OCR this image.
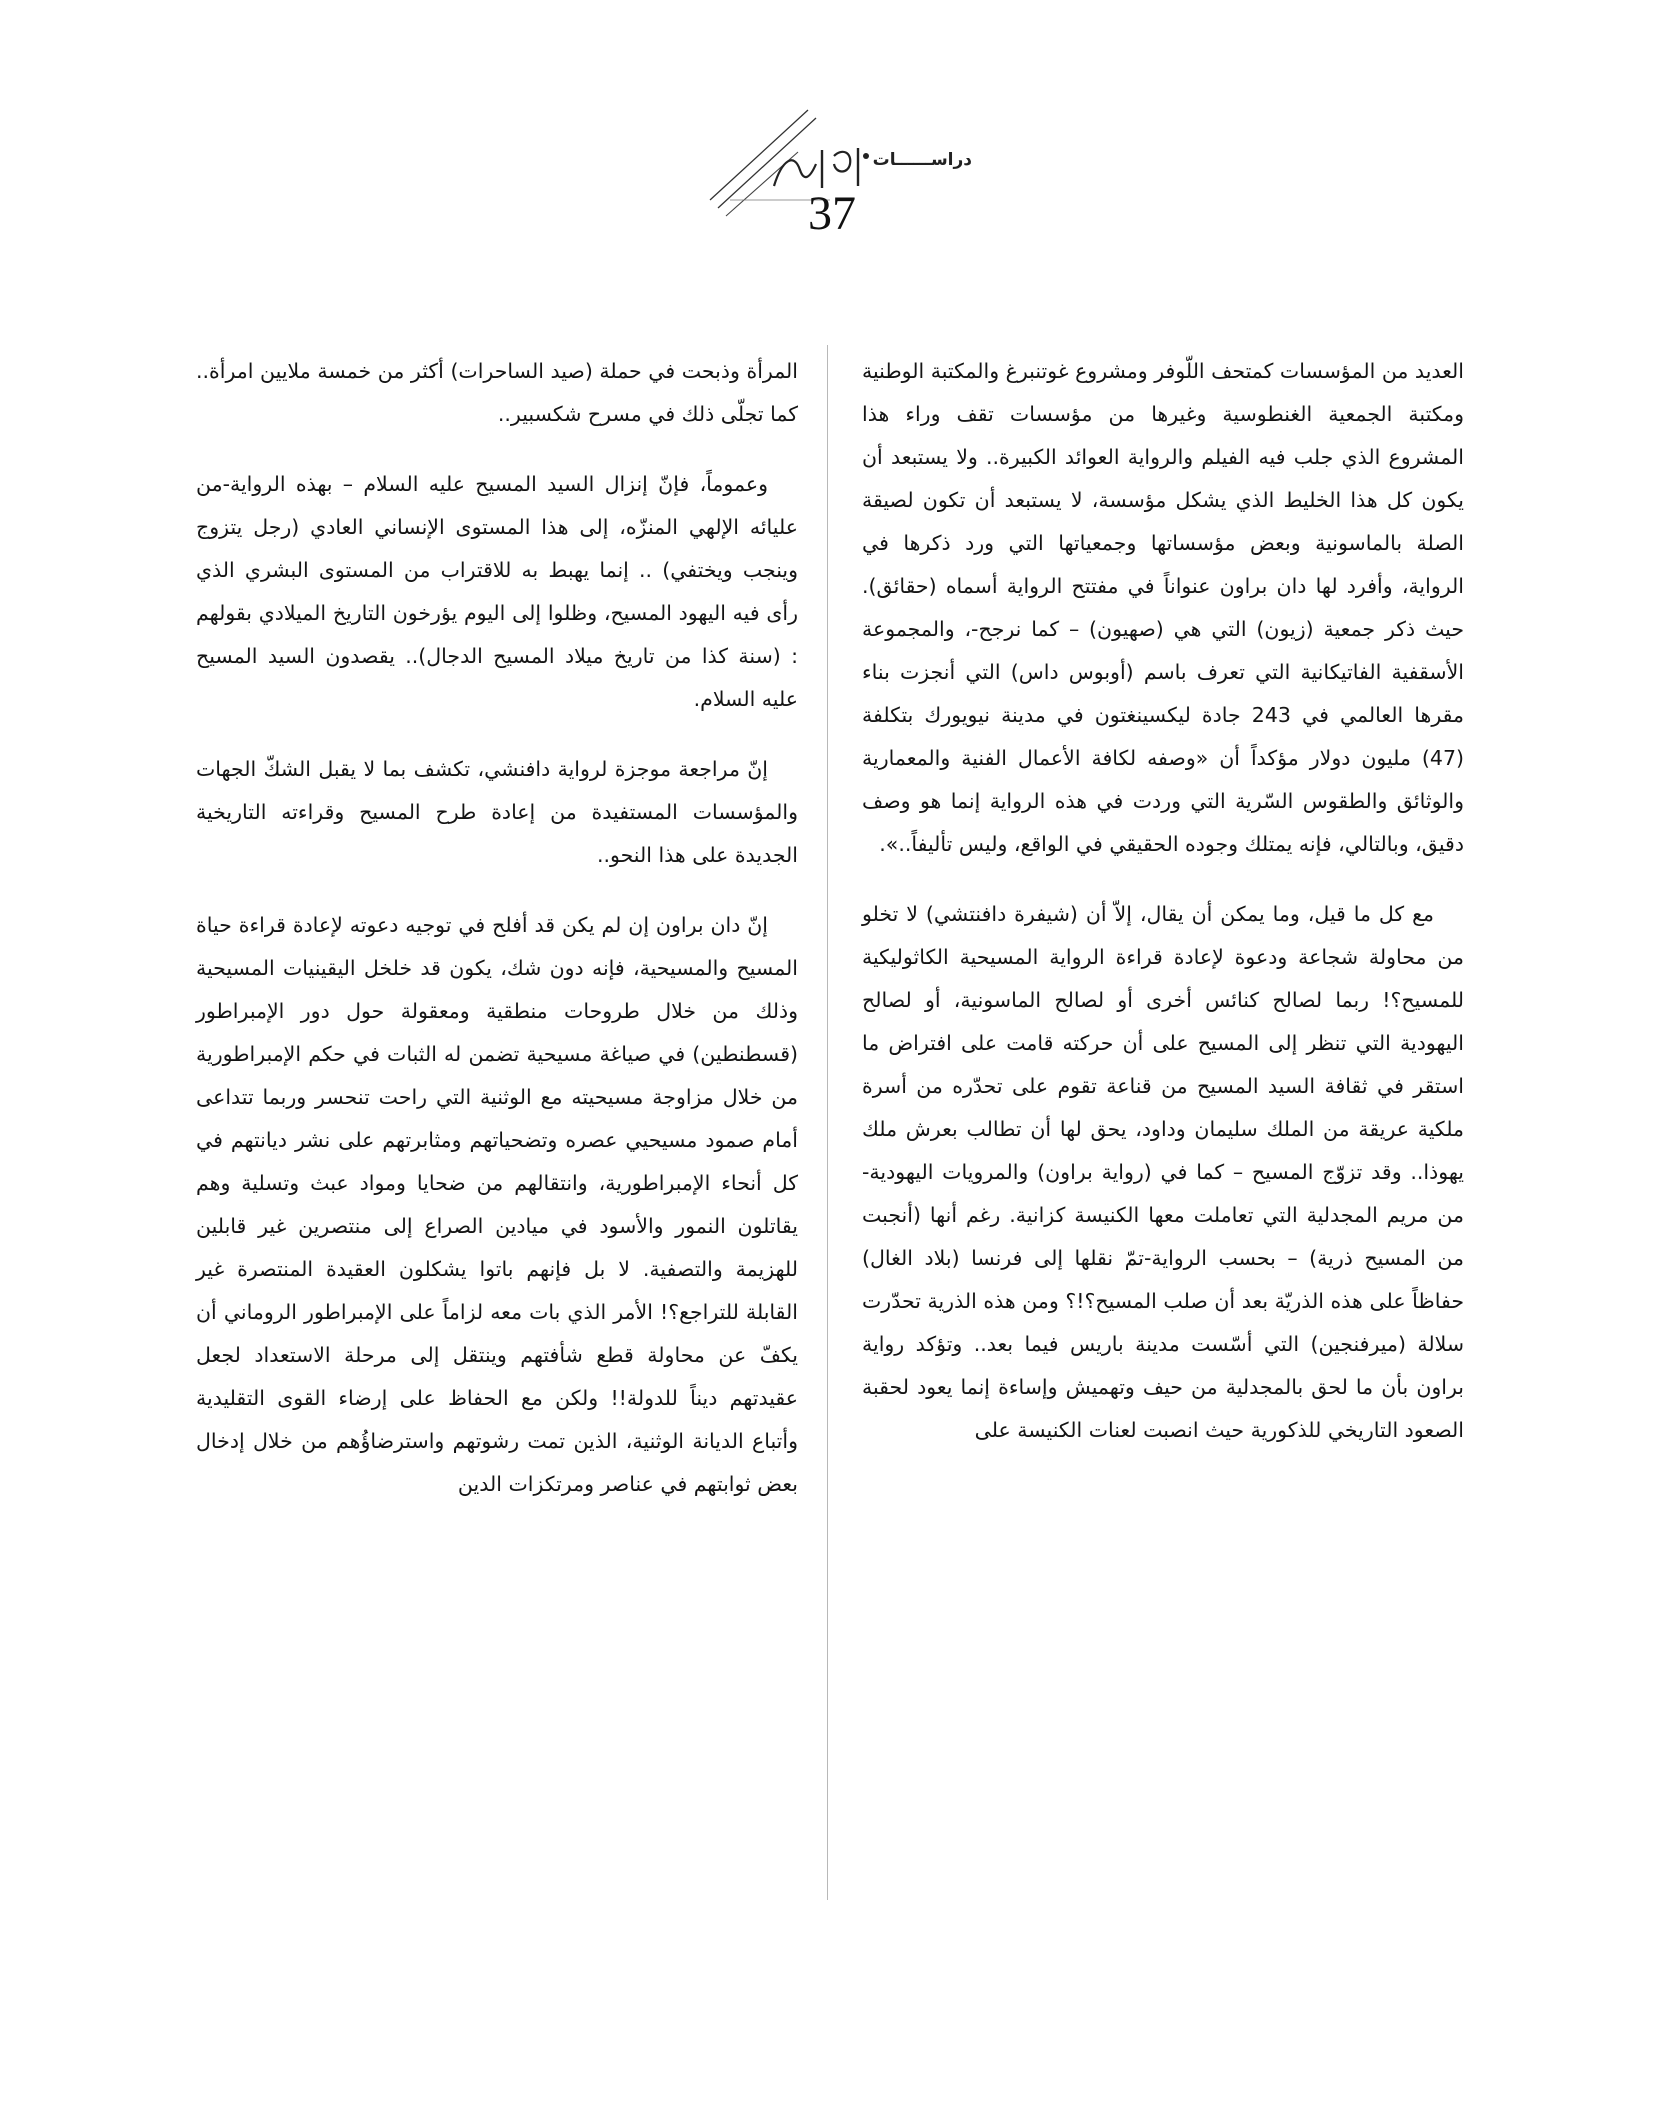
دراســــــات
37

العديد من المؤسسات كمتحف اللّوفر ومشروع غوتنبرغ والمكتبة الوطنية ومكتبة الجمعية الغنطوسية وغيرها من مؤسسات تقف وراء هذا المشروع الذي جلب فيه الفيلم والرواية العوائد الكبيرة.. ولا يستبعد أن يكون كل هذا الخليط الذي يشكل مؤسسة، لا يستبعد أن تكون لصيقة الصلة بالماسونية وبعض مؤسساتها وجمعياتها التي ورد ذكرها في الرواية، وأفرد لها دان براون عنواناً في مفتتح الرواية أسماه (حقائق). حيث ذكر جمعية (زيون) التي هي (صهيون) – كما نرجح-، والمجموعة الأسقفية الفاتيكانية التي تعرف باسم (أوبوس داس) التي أنجزت بناء مقرها العالمي في 243 جادة ليكسينغتون في مدينة نيويورك بتكلفة (47) مليون دولار مؤكداً أن «وصفه لكافة الأعمال الفنية والمعمارية والوثائق والطقوس السّرية التي وردت في هذه الرواية إنما هو وصف دقيق، وبالتالي، فإنه يمتلك وجوده الحقيقي في الواقع، وليس تأليفاً..».

مع كل ما قيل، وما يمكن أن يقال، إلاّ أن (شيفرة دافنتشي) لا تخلو من محاولة شجاعة ودعوة لإعادة قراءة الرواية المسيحية الكاثوليكية للمسيح؟! ربما لصالح كنائس أخرى أو لصالح الماسونية، أو لصالح اليهودية التي تنظر إلى المسيح على أن حركته قامت على افتراض ما استقر في ثقافة السيد المسيح من قناعة تقوم على تحدّره من أسرة ملكية عريقة من الملك سليمان وداود، يحق لها أن تطالب بعرش ملك يهوذا.. وقد تزوّج المسيح – كما في (رواية براون) والمرويات اليهودية- من مريم المجدلية التي تعاملت معها الكنيسة كزانية. رغم أنها (أنجبت من المسيح ذرية) – بحسب الرواية-تمّ نقلها إلى فرنسا (بلاد الغال) حفاظاً على هذه الذريّة بعد أن صلب المسيح؟!؟ ومن هذه الذرية تحدّرت سلالة (ميرفنجين) التي أسّست مدينة باريس فيما بعد.. وتؤكد رواية براون بأن ما لحق بالمجدلية من حيف وتهميش وإساءة إنما يعود لحقبة الصعود التاريخي للذكورية حيث انصبت لعنات الكنيسة على

المرأة وذبحت في حملة (صيد الساحرات) أكثر من خمسة ملايين امرأة.. كما تجلّى ذلك في مسرح شكسبير..

وعموماً، فإنّ إنزال السيد المسيح عليه السلام – بهذه الرواية-من عليائه الإلهي المنزّه، إلى هذا المستوى الإنساني العادي (رجل يتزوج وينجب ويختفي) .. إنما يهبط به للاقتراب من المستوى البشري الذي رأى فيه اليهود المسيح، وظلوا إلى اليوم يؤرخون التاريخ الميلادي بقولهم : (سنة كذا من تاريخ ميلاد المسيح الدجال).. يقصدون السيد المسيح عليه السلام.

إنّ مراجعة موجزة لرواية دافنشي، تكشف بما لا يقبل الشكّ الجهات والمؤسسات المستفيدة من إعادة طرح المسيح وقراءته التاريخية الجديدة على هذا النحو..

إنّ دان براون إن لم يكن قد أفلح في توجيه دعوته لإعادة قراءة حياة المسيح والمسيحية، فإنه دون شك، يكون قد خلخل اليقينيات المسيحية وذلك من خلال طروحات منطقية ومعقولة حول دور الإمبراطور (قسطنطين) في صياغة مسيحية تضمن له الثبات في حكم الإمبراطورية من خلال مزاوجة مسيحيته مع الوثنية التي راحت تنحسر وربما تتداعى أمام صمود مسيحيي عصره وتضحياتهم ومثابرتهم على نشر ديانتهم في كل أنحاء الإمبراطورية، وانتقالهم من ضحايا ومواد عبث وتسلية وهم يقاتلون النمور والأسود في ميادين الصراع إلى منتصرين غير قابلين للهزيمة والتصفية. لا بل فإنهم باتوا يشكلون العقيدة المنتصرة غير القابلة للتراجع؟! الأمر الذي بات معه لزاماً على الإمبراطور الروماني أن يكفّ عن محاولة قطع شأفتهم وينتقل إلى مرحلة الاستعداد لجعل عقيدتهم ديناً للدولة!! ولكن مع الحفاظ على إرضاء القوى التقليدية وأتباع الديانة الوثنية، الذين تمت رشوتهم واسترضاؤُهم من خلال إدخال بعض ثوابتهم في عناصر ومرتكزات الدين
